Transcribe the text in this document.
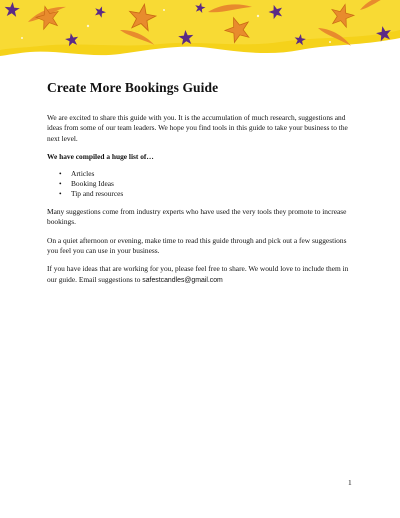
Create More Bookings Guide

We are excited to share this guide with you. It is the accumulation of much research, suggestions and ideas from some of our team leaders. We hope you find tools in this guide to take your business to the next level.

We have compiled a huge list of…

• Articles
• Booking Ideas
• Tip and resources

Many suggestions come from industry experts who have used the very tools they promote to increase bookings.

On a quiet afternoon or evening, make time to read this guide through and pick out a few suggestions you feel you can use in your business.

If you have ideas that are working for you, please feel free to share. We would love to include them in our guide. Email suggestions to safestcandles@gmail.com

1
